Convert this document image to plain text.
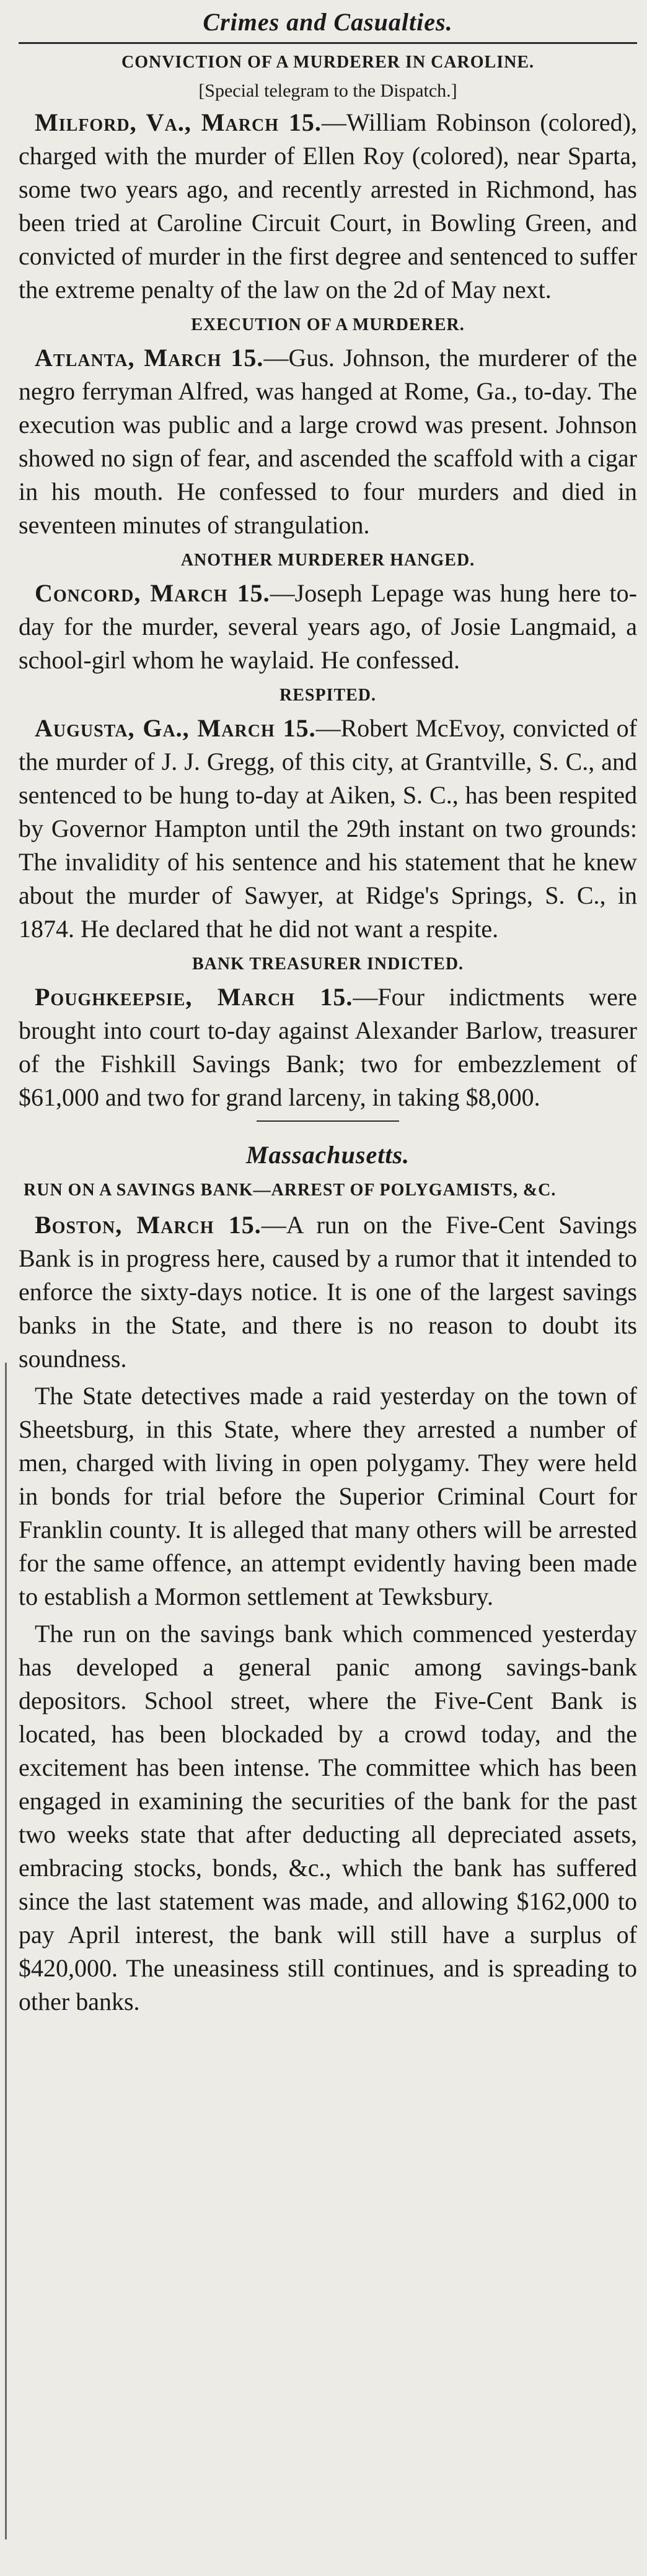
Crimes and Casualties.
CONVICTION OF A MURDERER IN CAROLINE.
[Special telegram to the Dispatch.]

Milford, Va., March 15.—William Robinson (colored), charged with the murder of Ellen Roy (colored), near Sparta, some two years ago, and recently arrested in Richmond, has been tried at Caroline Circuit Court, in Bowling Green, and convicted of murder in the first degree and sentenced to suffer the extreme penalty of the law on the 2d of May next.

EXECUTION OF A MURDERER.

Atlanta, March 15.—Gus. Johnson, the murderer of the negro ferryman Alfred, was hanged at Rome, Ga., to-day. The execution was public and a large crowd was present. Johnson showed no sign of fear, and ascended the scaffold with a cigar in his mouth. He confessed to four murders and died in seventeen minutes of strangulation.

ANOTHER MURDERER HANGED.

Concord, March 15.—Joseph Lepage was hung here to-day for the murder, several years ago, of Josie Langmaid, a school-girl whom he waylaid. He confessed.

RESPITED.

Augusta, Ga., March 15.—Robert McEvoy, convicted of the murder of J. J. Gregg, of this city, at Grantville, S. C., and sentenced to be hung to-day at Aiken, S. C., has been respited by Governor Hampton until the 29th instant on two grounds: The invalidity of his sentence and his statement that he knew about the murder of Sawyer, at Ridge's Springs, S. C., in 1874. He declared that he did not want a respite.

BANK TREASURER INDICTED.

Poughkeepsie, March 15.—Four indictments were brought into court to-day against Alexander Barlow, treasurer of the Fishkill Savings Bank; two for embezzlement of $61,000 and two for grand larceny, in taking $8,000.

Massachusetts.
RUN ON A SAVINGS BANK—ARREST OF POLYGAMISTS, &C.

Boston, March 15.—A run on the Five-Cent Savings Bank is in progress here, caused by a rumor that it intended to enforce the sixty-days notice. It is one of the largest savings banks in the State, and there is no reason to doubt its soundness.

The State detectives made a raid yesterday on the town of Sheetsburg, in this State, where they arrested a number of men, charged with living in open polygamy. They were held in bonds for trial before the Superior Criminal Court for Franklin county. It is alleged that many others will be arrested for the same offence, an attempt evidently having been made to establish a Mormon settlement at Tewksbury.

The run on the savings bank which commenced yesterday has developed a general panic among savings-bank depositors. School street, where the Five-Cent Bank is located, has been blockaded by a crowd today, and the excitement has been intense. The committee which has been engaged in examining the securities of the bank for the past two weeks state that after deducting all depreciated assets, embracing stocks, bonds, &c., which the bank has suffered since the last statement was made, and allowing $162,000 to pay April interest, the bank will still have a surplus of $420,000. The uneasiness still continues, and is spreading to other banks.
